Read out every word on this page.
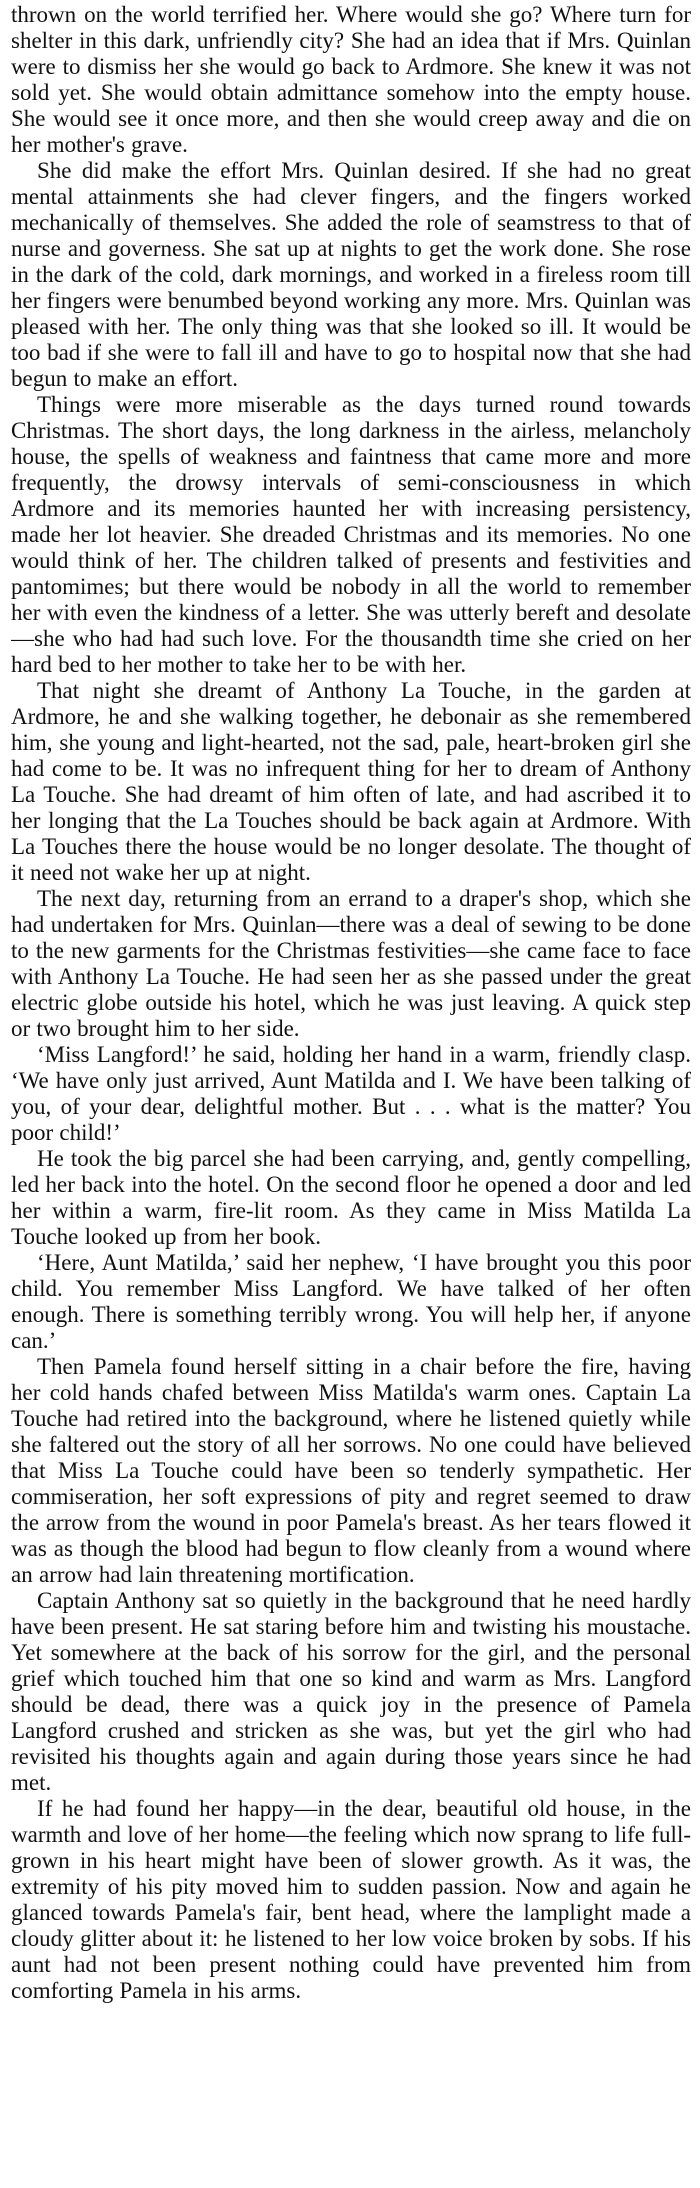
thrown on the world terrified her. Where would she go? Where turn for shelter in this dark, unfriendly city? She had an idea that if Mrs. Quinlan were to dismiss her she would go back to Ardmore. She knew it was not sold yet. She would obtain admittance somehow into the empty house. She would see it once more, and then she would creep away and die on her mother's grave.

She did make the effort Mrs. Quinlan desired. If she had no great mental attainments she had clever fingers, and the fingers worked mechanically of themselves. She added the role of seamstress to that of nurse and governess. She sat up at nights to get the work done. She rose in the dark of the cold, dark mornings, and worked in a fireless room till her fingers were benumbed beyond working any more. Mrs. Quinlan was pleased with her. The only thing was that she looked so ill. It would be too bad if she were to fall ill and have to go to hospital now that she had begun to make an effort.

Things were more miserable as the days turned round towards Christmas. The short days, the long darkness in the airless, melancholy house, the spells of weakness and faintness that came more and more frequently, the drowsy intervals of semi-consciousness in which Ardmore and its memories haunted her with increasing persistency, made her lot heavier. She dreaded Christmas and its memories. No one would think of her. The children talked of presents and festivities and pantomimes; but there would be nobody in all the world to remember her with even the kindness of a letter. She was utterly bereft and desolate—she who had had such love. For the thousandth time she cried on her hard bed to her mother to take her to be with her.

That night she dreamt of Anthony La Touche, in the garden at Ardmore, he and she walking together, he debonair as she remembered him, she young and light-hearted, not the sad, pale, heart-broken girl she had come to be. It was no infrequent thing for her to dream of Anthony La Touche. She had dreamt of him often of late, and had ascribed it to her longing that the La Touches should be back again at Ardmore. With La Touches there the house would be no longer desolate. The thought of it need not wake her up at night.

The next day, returning from an errand to a draper's shop, which she had undertaken for Mrs. Quinlan—there was a deal of sewing to be done to the new garments for the Christmas festivities—she came face to face with Anthony La Touche. He had seen her as she passed under the great electric globe outside his hotel, which he was just leaving. A quick step or two brought him to her side.

‘Miss Langford!’ he said, holding her hand in a warm, friendly clasp. ‘We have only just arrived, Aunt Matilda and I. We have been talking of you, of your dear, delightful mother. But . . . what is the matter? You poor child!’

He took the big parcel she had been carrying, and, gently compelling, led her back into the hotel. On the second floor he opened a door and led her within a warm, fire-lit room. As they came in Miss Matilda La Touche looked up from her book.

‘Here, Aunt Matilda,’ said her nephew, ‘I have brought you this poor child. You remember Miss Langford. We have talked of her often enough. There is something terribly wrong. You will help her, if anyone can.’

Then Pamela found herself sitting in a chair before the fire, having her cold hands chafed between Miss Matilda's warm ones. Captain La Touche had retired into the background, where he listened quietly while she faltered out the story of all her sorrows. No one could have believed that Miss La Touche could have been so tenderly sympathetic. Her commiseration, her soft expressions of pity and regret seemed to draw the arrow from the wound in poor Pamela's breast. As her tears flowed it was as though the blood had begun to flow cleanly from a wound where an arrow had lain threatening mortification.

Captain Anthony sat so quietly in the background that he need hardly have been present. He sat staring before him and twisting his moustache. Yet somewhere at the back of his sorrow for the girl, and the personal grief which touched him that one so kind and warm as Mrs. Langford should be dead, there was a quick joy in the presence of Pamela Langford crushed and stricken as she was, but yet the girl who had revisited his thoughts again and again during those years since he had met.

If he had found her happy—in the dear, beautiful old house, in the warmth and love of her home—the feeling which now sprang to life full-grown in his heart might have been of slower growth. As it was, the extremity of his pity moved him to sudden passion. Now and again he glanced towards Pamela's fair, bent head, where the lamplight made a cloudy glitter about it: he listened to her low voice broken by sobs. If his aunt had not been present nothing could have prevented him from comforting Pamela in his arms.
